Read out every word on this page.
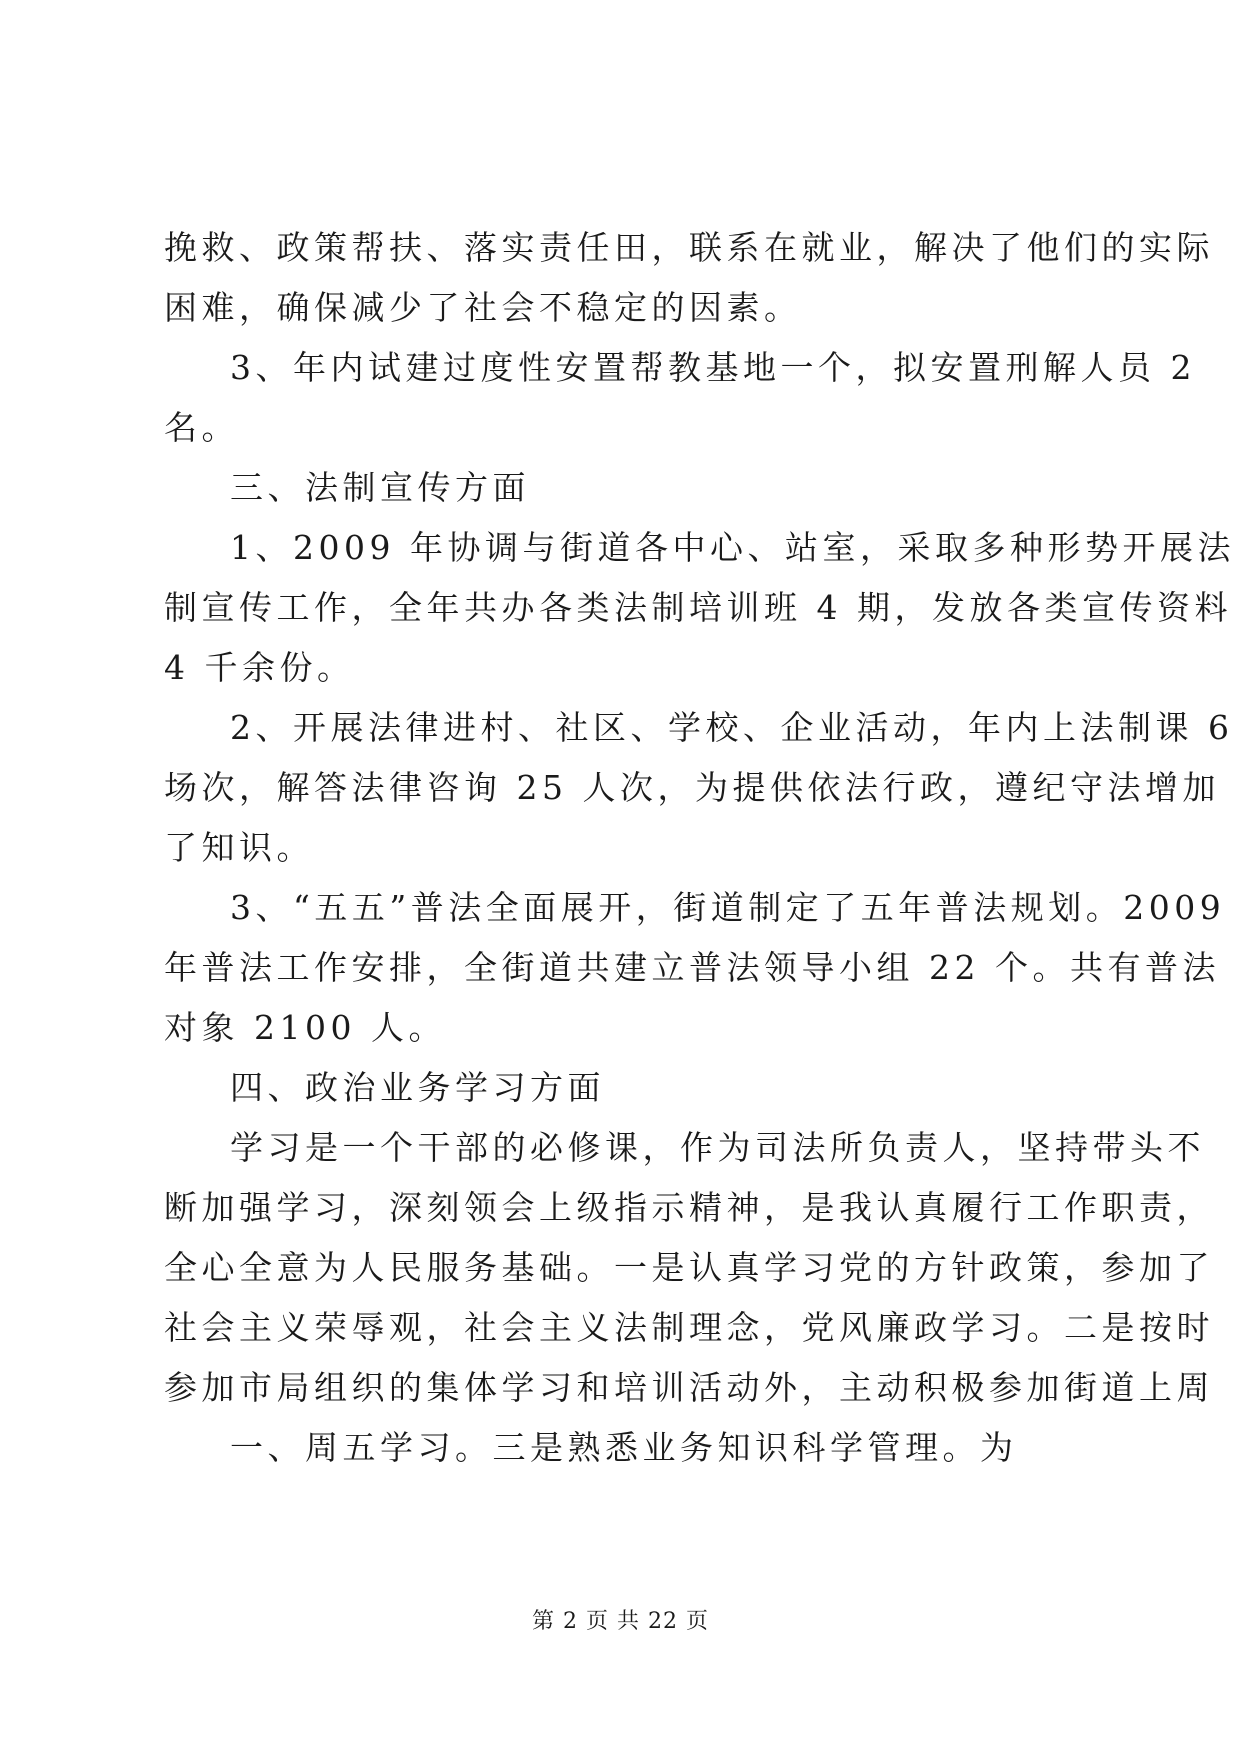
挽救、政策帮扶、落实责任田，联系在就业，解决了他们的实际
困难，确保减少了社会不稳定的因素。
3、年内试建过度性安置帮教基地一个，拟安置刑解人员 2
名。
三、法制宣传方面
1、2009 年协调与街道各中心、站室，采取多种形势开展法
制宣传工作，全年共办各类法制培训班 4 期，发放各类宣传资料
4 千余份。
2、开展法律进村、社区、学校、企业活动，年内上法制课 6
场次，解答法律咨询 25 人次，为提供依法行政，遵纪守法增加
了知识。
3、“五五”普法全面展开，街道制定了五年普法规划。2009
年普法工作安排，全街道共建立普法领导小组 22 个。共有普法
对象 2100 人。
四、政治业务学习方面
学习是一个干部的必修课，作为司法所负责人，坚持带头不
断加强学习，深刻领会上级指示精神，是我认真履行工作职责，
全心全意为人民服务基础。一是认真学习党的方针政策，参加了
社会主义荣辱观，社会主义法制理念，党风廉政学习。二是按时
参加市局组织的集体学习和培训活动外，主动积极参加街道上周
一、周五学习。三是熟悉业务知识科学管理。为
第 2 页 共 22 页
